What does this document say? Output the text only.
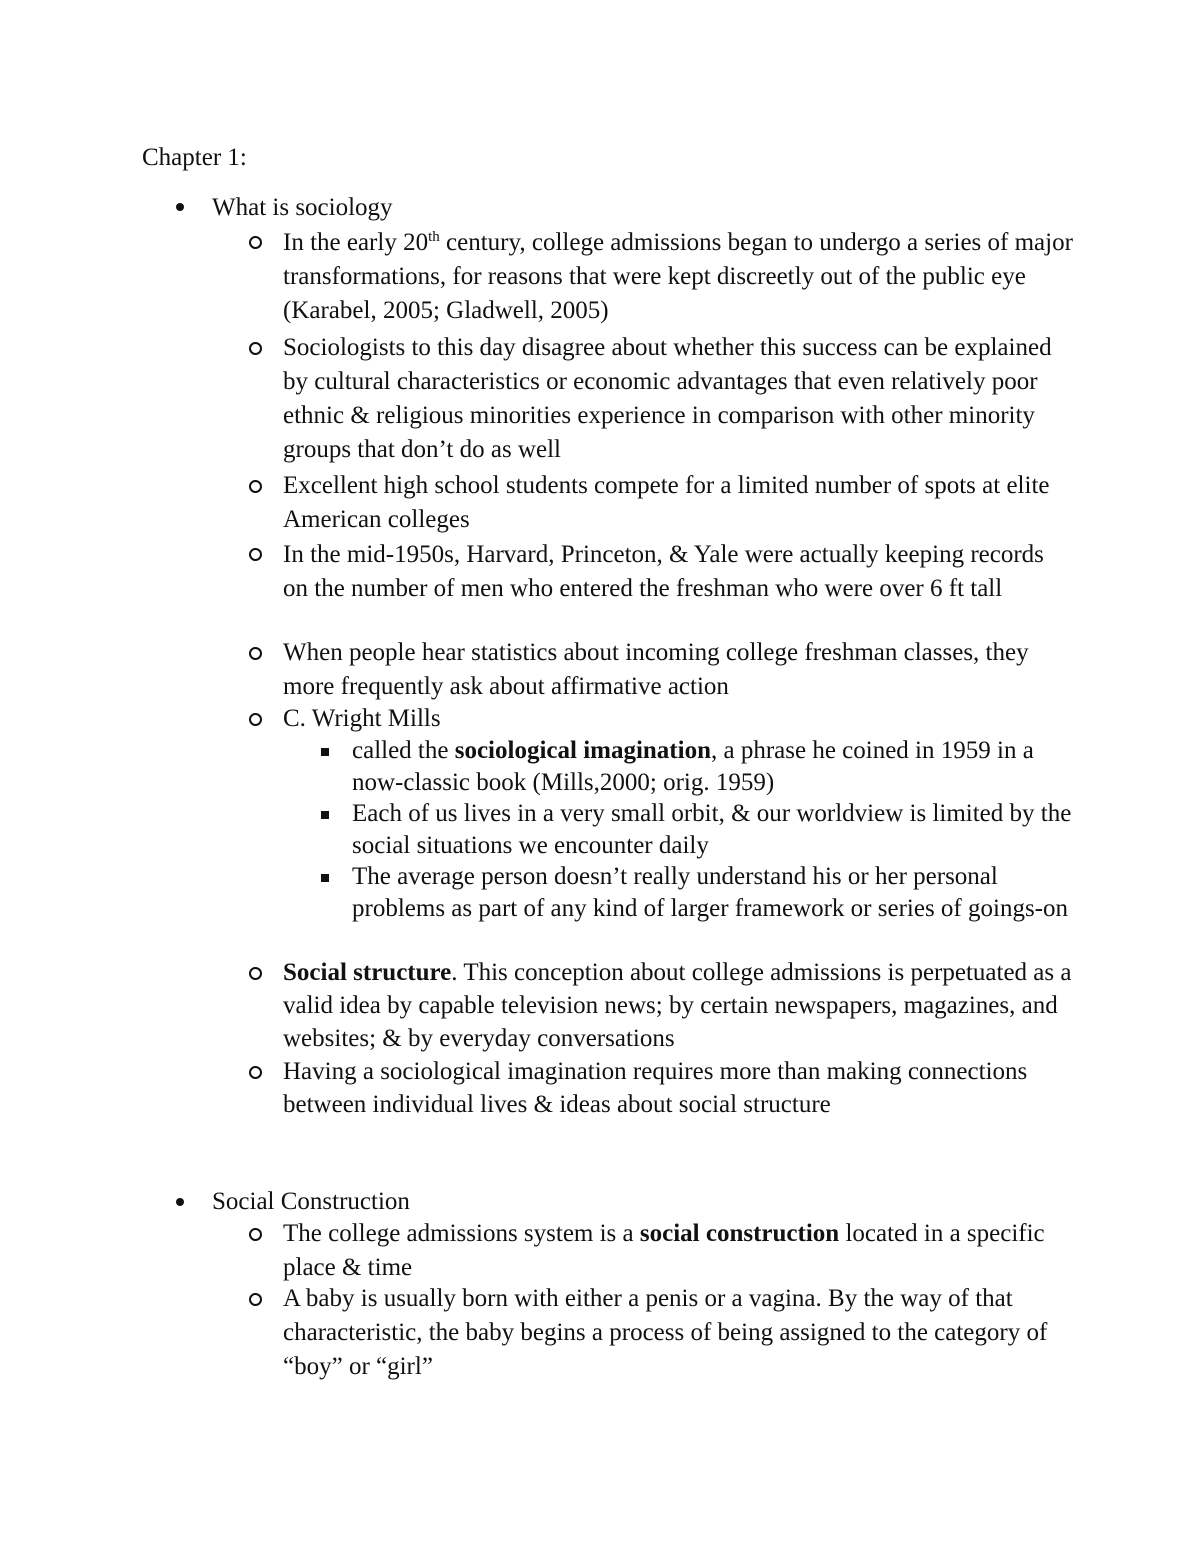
Chapter 1:
What is sociology
In the early 20th century, college admissions began to undergo a series of major transformations, for reasons that were kept discreetly out of the public eye (Karabel, 2005; Gladwell, 2005)
Sociologists to this day disagree about whether this success can be explained by cultural characteristics or economic advantages that even relatively poor ethnic & religious minorities experience in comparison with other minority groups that don’t do as well
Excellent high school students compete for a limited number of spots at elite American colleges
In the mid-1950s, Harvard, Princeton, & Yale were actually keeping records on the number of men who entered the freshman who were over 6 ft tall
When people hear statistics about incoming college freshman classes, they more frequently ask about affirmative action
C. Wright Mills
called the sociological imagination, a phrase he coined in 1959 in a now-classic book (Mills,2000; orig. 1959)
Each of us lives in a very small orbit, & our worldview is limited by the social situations we encounter daily
The average person doesn’t really understand his or her personal problems as part of any kind of larger framework or series of goings-on
Social structure. This conception about college admissions is perpetuated as a valid idea by capable television news; by certain newspapers, magazines, and websites; & by everyday conversations
Having a sociological imagination requires more than making connections between individual lives & ideas about social structure
Social Construction
The college admissions system is a social construction located in a specific place & time
A baby is usually born with either a penis or a vagina. By the way of that characteristic, the baby begins a process of being assigned to the category of “boy” or “girl”
